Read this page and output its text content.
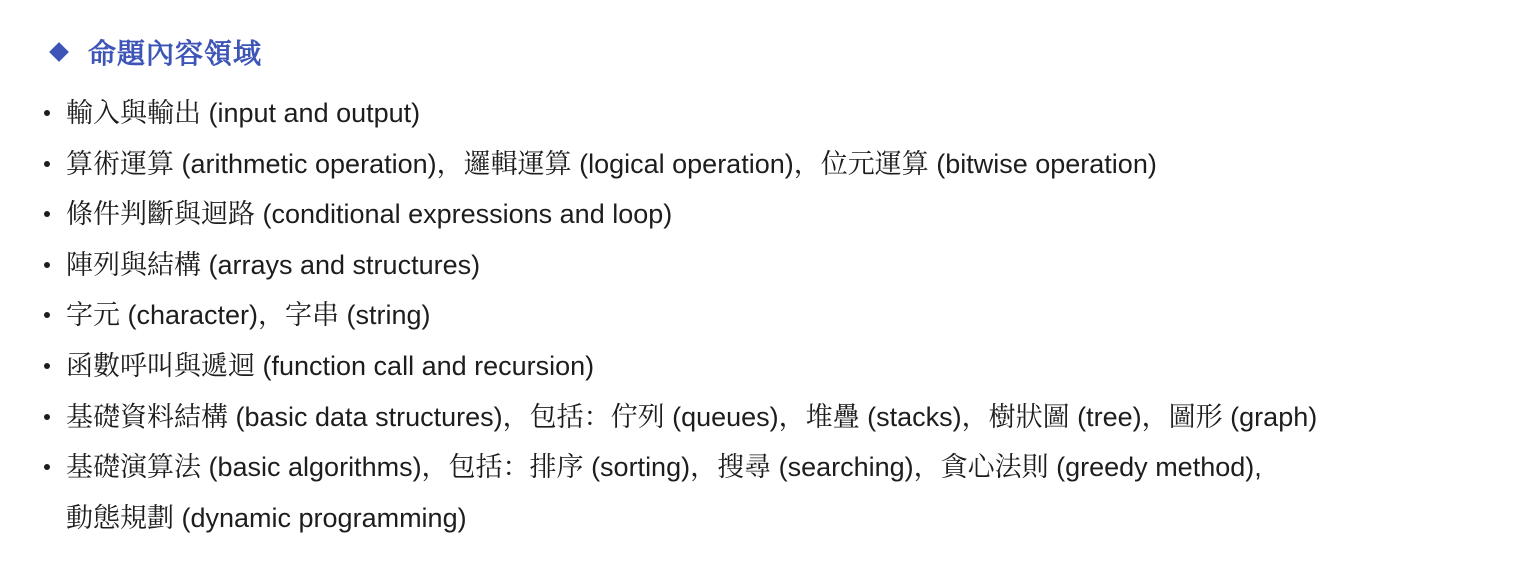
命題內容領域
輸入與輸出 (input and output)
算術運算 (arithmetic operation)，邏輯運算 (logical operation)，位元運算 (bitwise operation)
條件判斷與迴路 (conditional expressions and loop)
陣列與結構 (arrays and structures)
字元 (character)，字串 (string)
函數呼叫與遞迴 (function call and recursion)
基礎資料結構 (basic data structures)，包括：佇列 (queues)，堆疊 (stacks)，樹狀圖 (tree)，圖形 (graph)
基礎演算法 (basic algorithms)，包括：排序 (sorting)，搜尋 (searching)，貪心法則 (greedy method),
動態規劃 (dynamic programming)
